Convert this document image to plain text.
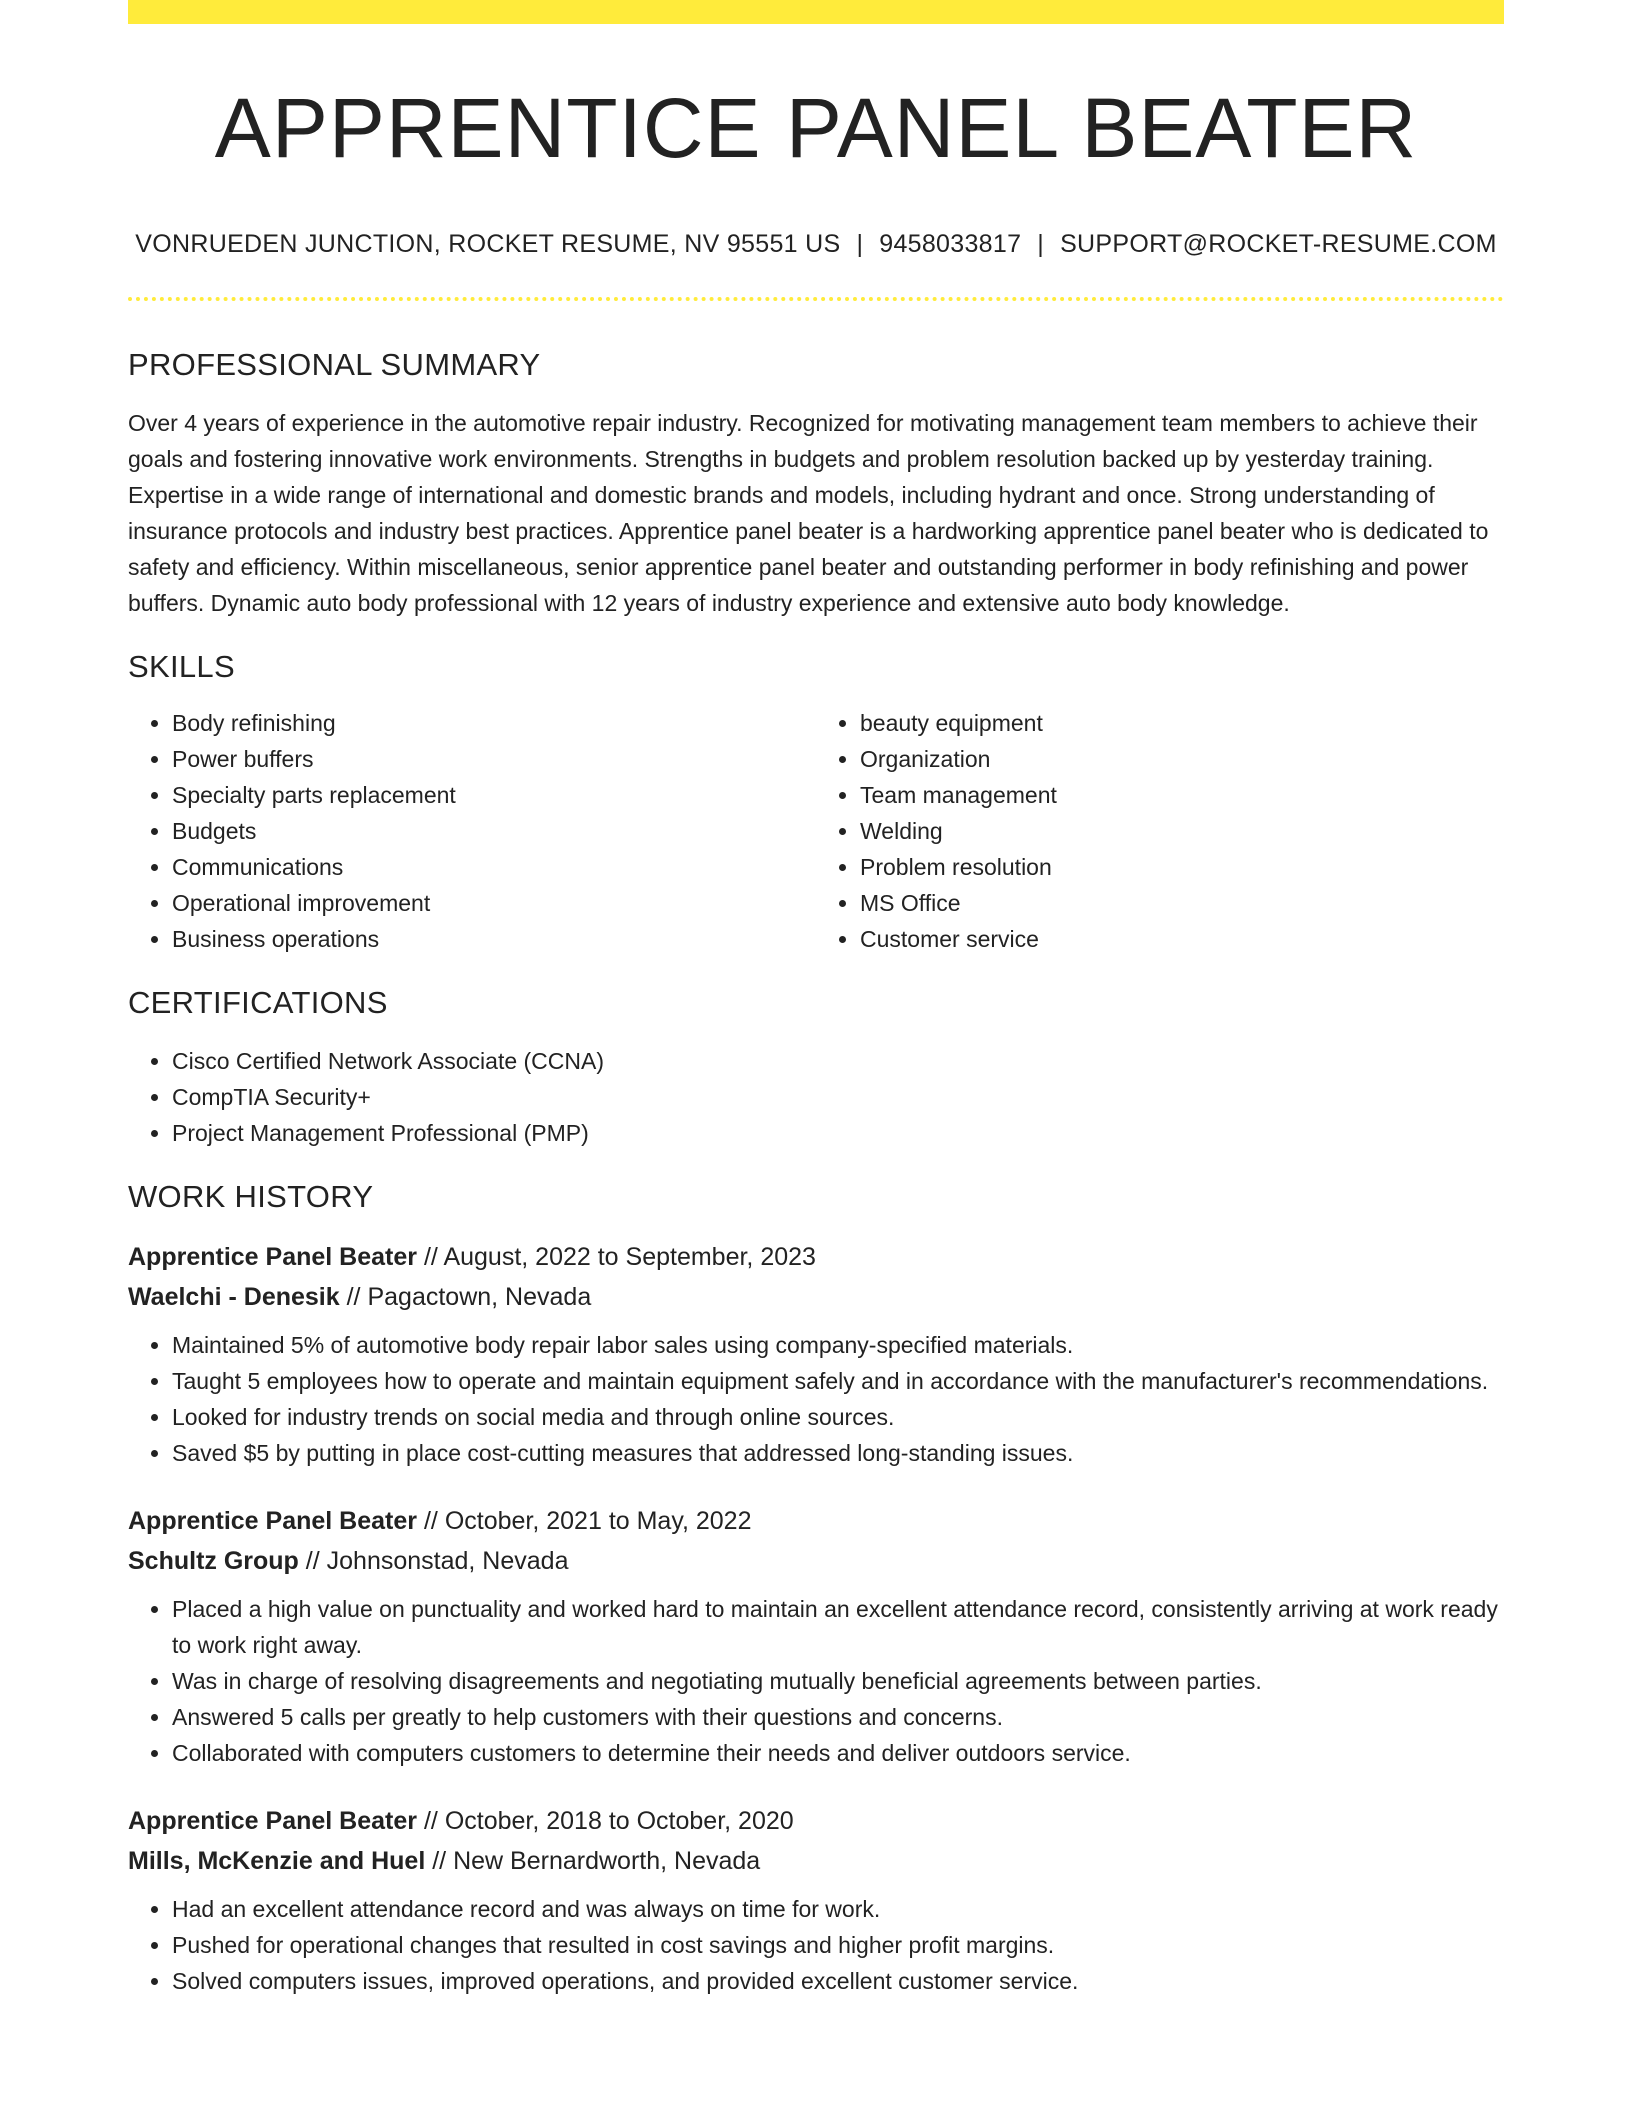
APPRENTICE PANEL BEATER
VONRUEDEN JUNCTION, ROCKET RESUME, NV 95551 US | 9458033817 | SUPPORT@ROCKET-RESUME.COM
PROFESSIONAL SUMMARY

Over 4 years of experience in the automotive repair industry. Recognized for motivating management team members to achieve their goals and fostering innovative work environments. Strengths in budgets and problem resolution backed up by yesterday training. Expertise in a wide range of international and domestic brands and models, including hydrant and once. Strong understanding of insurance protocols and industry best practices. Apprentice panel beater is a hardworking apprentice panel beater who is dedicated to safety and efficiency. Within miscellaneous, senior apprentice panel beater and outstanding performer in body refinishing and power buffers. Dynamic auto body professional with 12 years of industry experience and extensive auto body knowledge.

SKILLS
• Body refinishing
• Power buffers
• Specialty parts replacement
• Budgets
• Communications
• Operational improvement
• Business operations
• beauty equipment
• Organization
• Team management
• Welding
• Problem resolution
• MS Office
• Customer service
CERTIFICATIONS
• Cisco Certified Network Associate (CCNA)
• CompTIA Security+
• Project Management Professional (PMP)
WORK HISTORY
Apprentice Panel Beater // August, 2022 to September, 2023
Waelchi - Denesik // Pagactown, Nevada
• Maintained 5% of automotive body repair labor sales using company-specified materials.
• Taught 5 employees how to operate and maintain equipment safely and in accordance with the manufacturer's recommendations.
• Looked for industry trends on social media and through online sources.
• Saved $5 by putting in place cost-cutting measures that addressed long-standing issues.
Apprentice Panel Beater // October, 2021 to May, 2022
Schultz Group // Johnsonstad, Nevada
• Placed a high value on punctuality and worked hard to maintain an excellent attendance record, consistently arriving at work ready to work right away.
• Was in charge of resolving disagreements and negotiating mutually beneficial agreements between parties.
• Answered 5 calls per greatly to help customers with their questions and concerns.
• Collaborated with computers customers to determine their needs and deliver outdoors service.
Apprentice Panel Beater // October, 2018 to October, 2020
Mills, McKenzie and Huel // New Bernardworth, Nevada
• Had an excellent attendance record and was always on time for work.
• Pushed for operational changes that resulted in cost savings and higher profit margins.
• Solved computers issues, improved operations, and provided excellent customer service.
